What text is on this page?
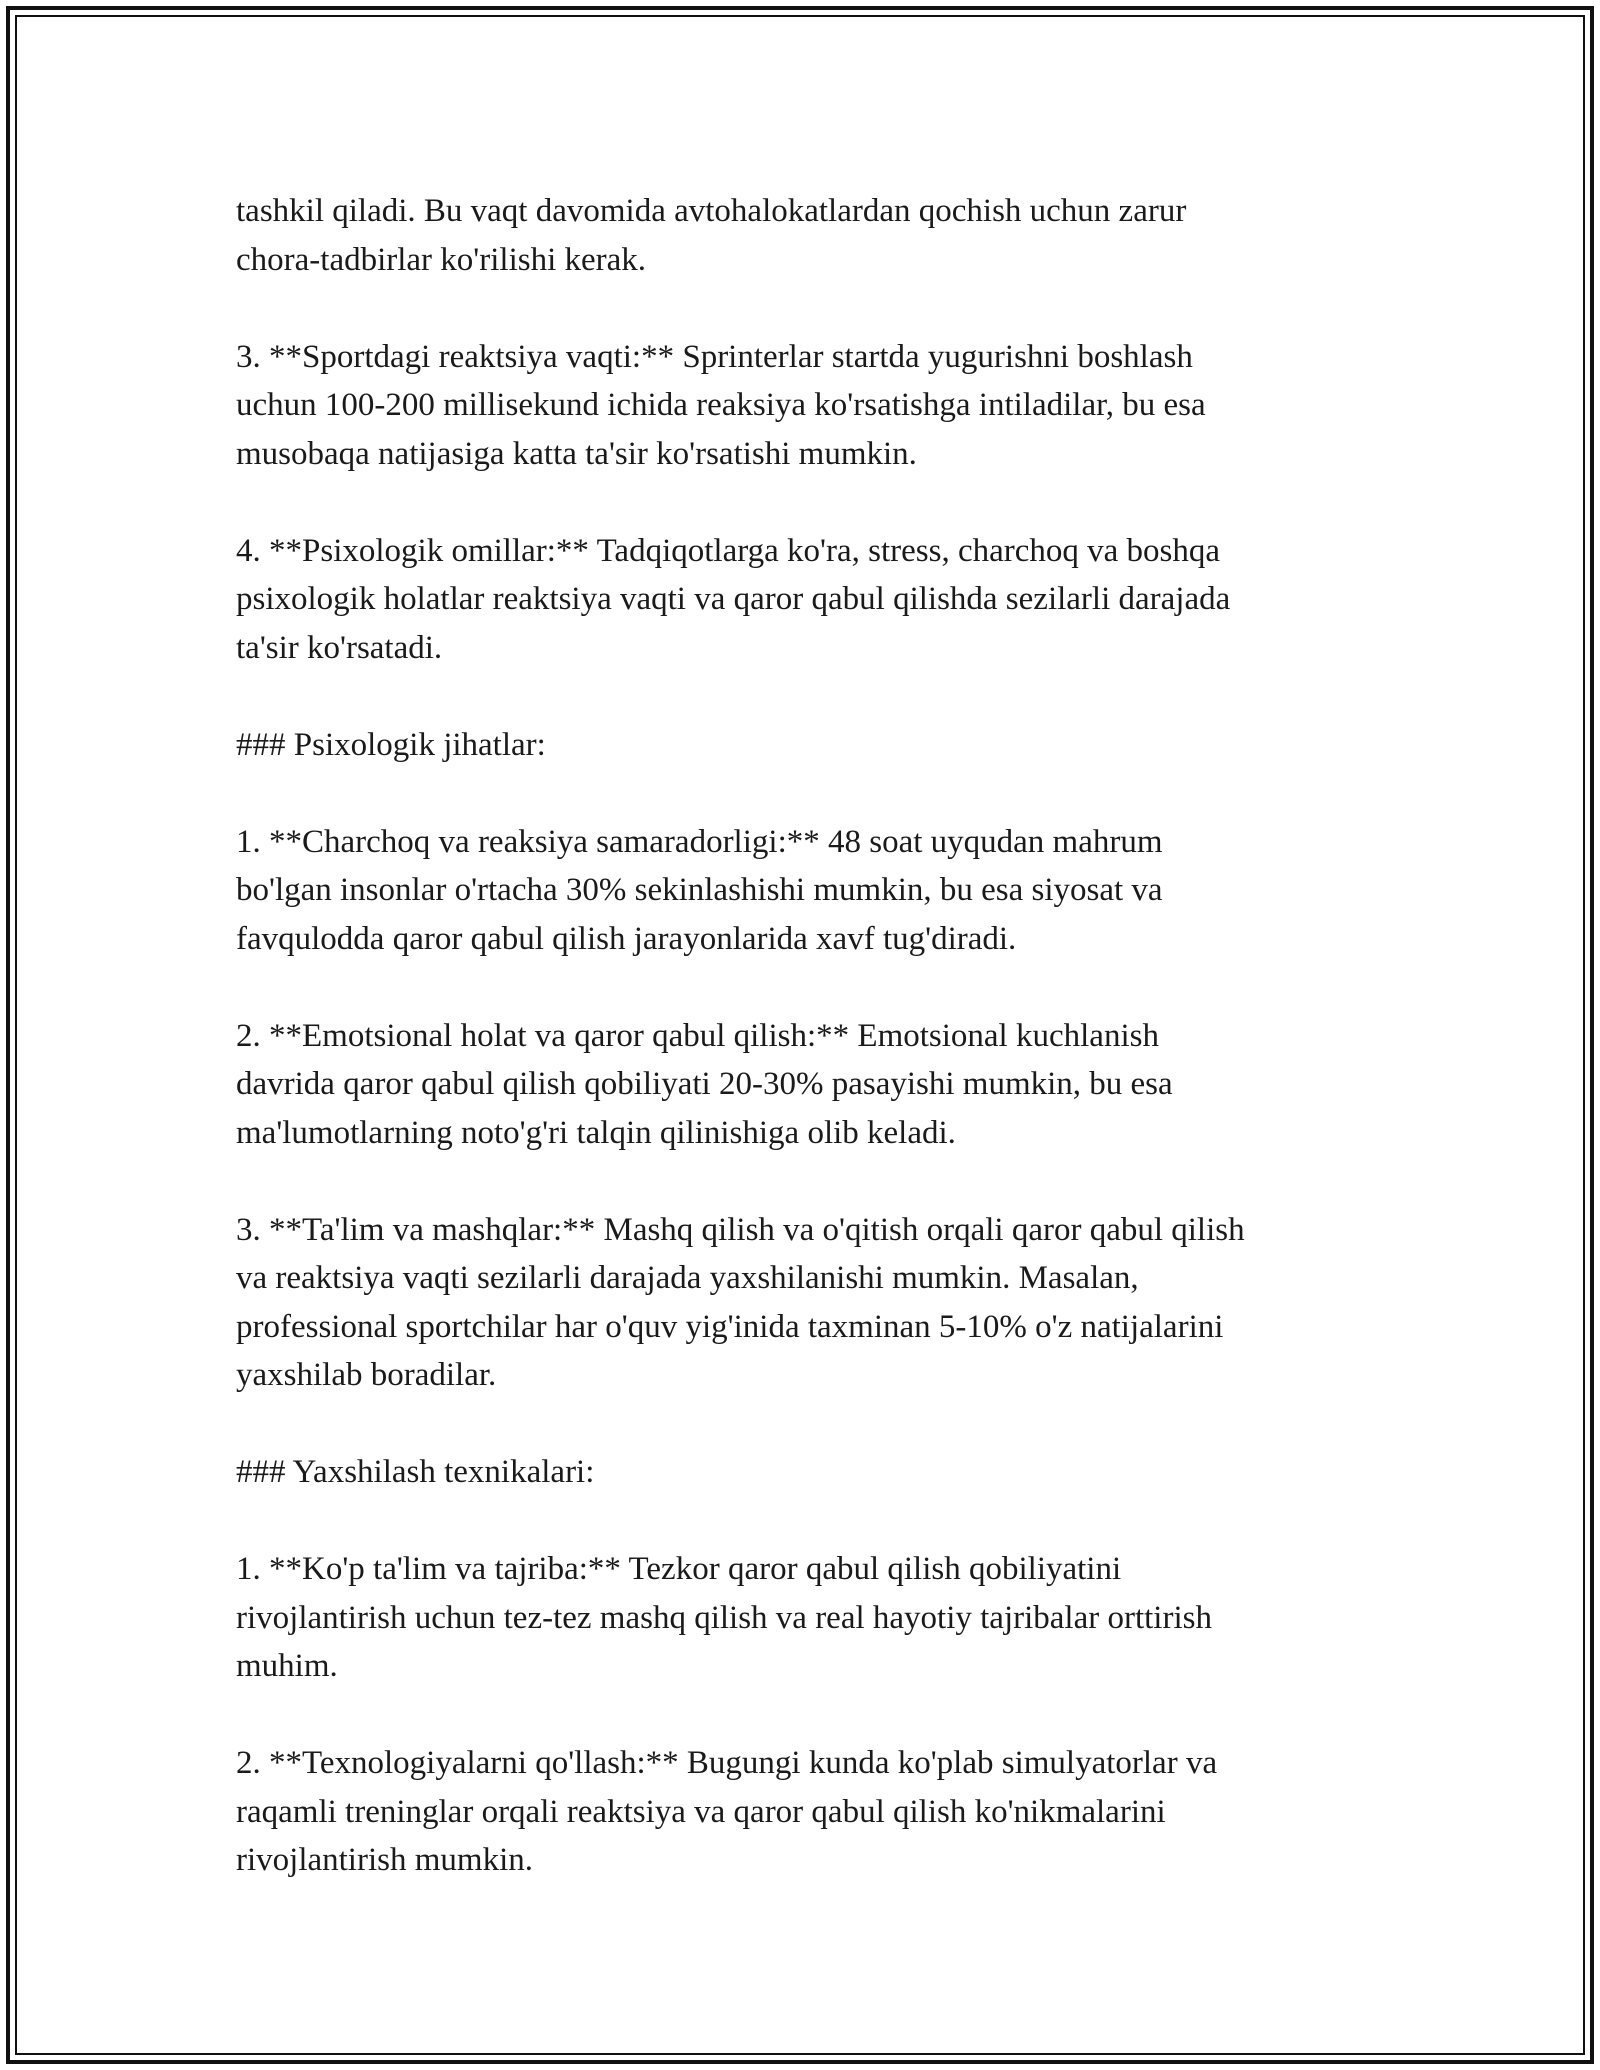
tashkil qiladi. Bu vaqt davomida avtohalokatlardan qochish uchun zarur
chora-tadbirlar ko'rilishi kerak.

3. **Sportdagi reaktsiya vaqti:** Sprinterlar startda yugurishni boshlash
uchun 100-200 millisekund ichida reaksiya ko'rsatishga intiladilar, bu esa
musobaqa natijasiga katta ta'sir ko'rsatishi mumkin.

4. **Psixologik omillar:** Tadqiqotlarga ko'ra, stress, charchoq va boshqa
psixologik holatlar reaktsiya vaqti va qaror qabul qilishda sezilarli darajada
ta'sir ko'rsatadi.

### Psixologik jihatlar:

1. **Charchoq va reaksiya samaradorligi:** 48 soat uyqudan mahrum
bo'lgan insonlar o'rtacha 30% sekinlashishi mumkin, bu esa siyosat va
favqulodda qaror qabul qilish jarayonlarida xavf tug'diradi.

2. **Emotsional holat va qaror qabul qilish:** Emotsional kuchlanish
davrida qaror qabul qilish qobiliyati 20-30% pasayishi mumkin, bu esa
ma'lumotlarning noto'g'ri talqin qilinishiga olib keladi.

3. **Ta'lim va mashqlar:** Mashq qilish va o'qitish orqali qaror qabul qilish
va reaktsiya vaqti sezilarli darajada yaxshilanishi mumkin. Masalan,
professional sportchilar har o'quv yig'inida taxminan 5-10% o'z natijalarini
yaxshilab boradilar.

### Yaxshilash texnikalari:

1. **Ko'p ta'lim va tajriba:** Tezkor qaror qabul qilish qobiliyatini
rivojlantirish uchun tez-tez mashq qilish va real hayotiy tajribalar orttirish
muhim.

2. **Texnologiyalarni qo'llash:** Bugungi kunda ko'plab simulyatorlar va
raqamli treninglar orqali reaktsiya va qaror qabul qilish ko'nikmalarini
rivojlantirish mumkin.
